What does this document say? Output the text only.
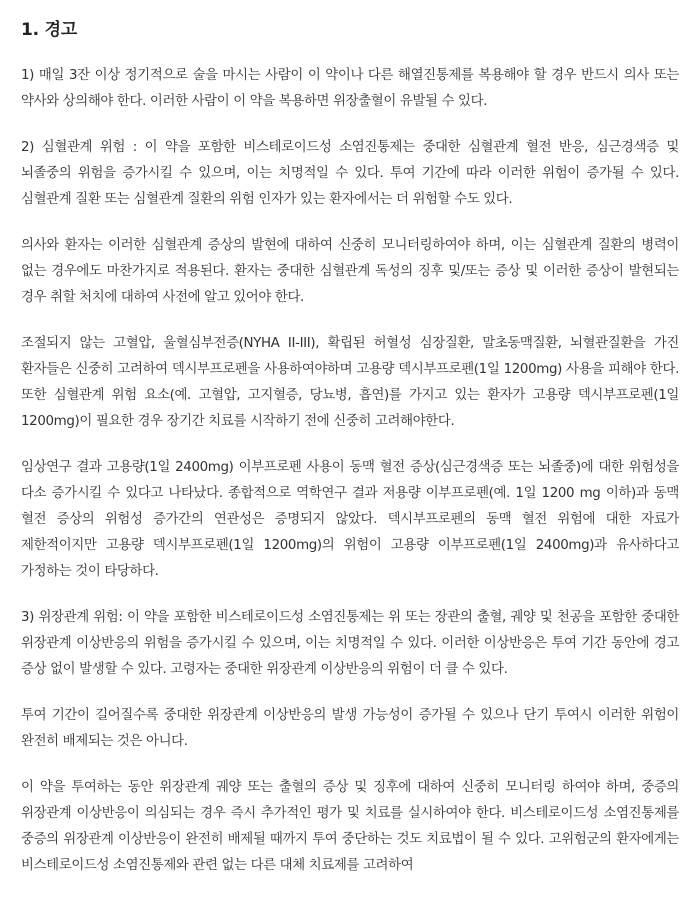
1. 경고

1) 매일 3잔 이상 정기적으로 술을 마시는 사람이 이 약이나 다른 해열진통제를 복용해야 할 경우 반드시 의사 또는 약사와 상의해야 한다. 이러한 사람이 이 약을 복용하면 위장출혈이 유발될 수 있다.

2) 심혈관계 위험 : 이 약을 포함한 비스테로이드성 소염진통제는 중대한 심혈관계 혈전 반응, 심근경색증 및 뇌졸중의 위험을 증가시킬 수 있으며, 이는 치명적일 수 있다. 투여 기간에 따라 이러한 위험이 증가될 수 있다. 심혈관계 질환 또는 심혈관계 질환의 위험 인자가 있는 환자에서는 더 위험할 수도 있다.

의사와 환자는 이러한 심혈관계 증상의 발현에 대하여 신중히 모니터링하여야 하며, 이는 심혈관계 질환의 병력이 없는 경우에도 마찬가지로 적용된다. 환자는 중대한 심혈관계 독성의 징후 및/또는 증상 및 이러한 증상이 발현되는 경우 취할 처치에 대하여 사전에 알고 있어야 한다.

조절되지 않는 고혈압, 울혈심부전증(NYHA II-III), 확립된 허혈성 심장질환, 말초동맥질환, 뇌혈관질환을 가진 환자들은 신중히 고려하여 덱시부프로펜을 사용하여야하며 고용량 덱시부프로펜(1일 1200mg) 사용을 피해야 한다. 또한 심혈관계 위험 요소(예. 고혈압, 고지혈증, 당뇨병, 흡연)를 가지고 있는 환자가 고용량 덱시부프로펜(1일 1200mg)이 필요한 경우 장기간 치료를 시작하기 전에 신중히 고려해야한다.

임상연구 결과 고용량(1일 2400mg) 이부프로펜 사용이 동맥 혈전 증상(심근경색증 또는 뇌졸중)에 대한 위험성을 다소 증가시킬 수 있다고 나타났다. 종합적으로 역학연구 결과 저용량 이부프로펜(예. 1일 1200 mg 이하)과 동맥 혈전 증상의 위험성 증가간의 연관성은 증명되지 않았다. 덱시부프로펜의 동맥 혈전 위험에 대한 자료가 제한적이지만 고용량 덱시부프로펜(1일 1200mg)의 위험이 고용량 이부프로펜(1일 2400mg)과 유사하다고 가정하는 것이 타당하다.

3) 위장관계 위험: 이 약을 포함한 비스테로이드성 소염진통제는 위 또는 장관의 출혈, 궤양 및 천공을 포함한 중대한 위장관계 이상반응의 위험을 증가시킬 수 있으며, 이는 치명적일 수 있다. 이러한 이상반응은 투여 기간 동안에 경고 증상 없이 발생할 수 있다. 고령자는 중대한 위장관계 이상반응의 위험이 더 클 수 있다.

투여 기간이 길어질수록 중대한 위장관계 이상반응의 발생 가능성이 증가될 수 있으나 단기 투여시 이러한 위험이 완전히 배제되는 것은 아니다.

이 약을 투여하는 동안 위장관계 궤양 또는 출혈의 증상 및 징후에 대하여 신중히 모니터링 하여야 하며, 중증의 위장관계 이상반응이 의심되는 경우 즉시 추가적인 평가 및 치료를 실시하여야 한다. 비스테로이드성 소염진통제를 중증의 위장관계 이상반응이 완전히 배제될 때까지 투여 중단하는 것도 치료법이 될 수 있다. 고위험군의 환자에게는 비스테로이드성 소염진통제와 관련 없는 다른 대체 치료제를 고려하여
